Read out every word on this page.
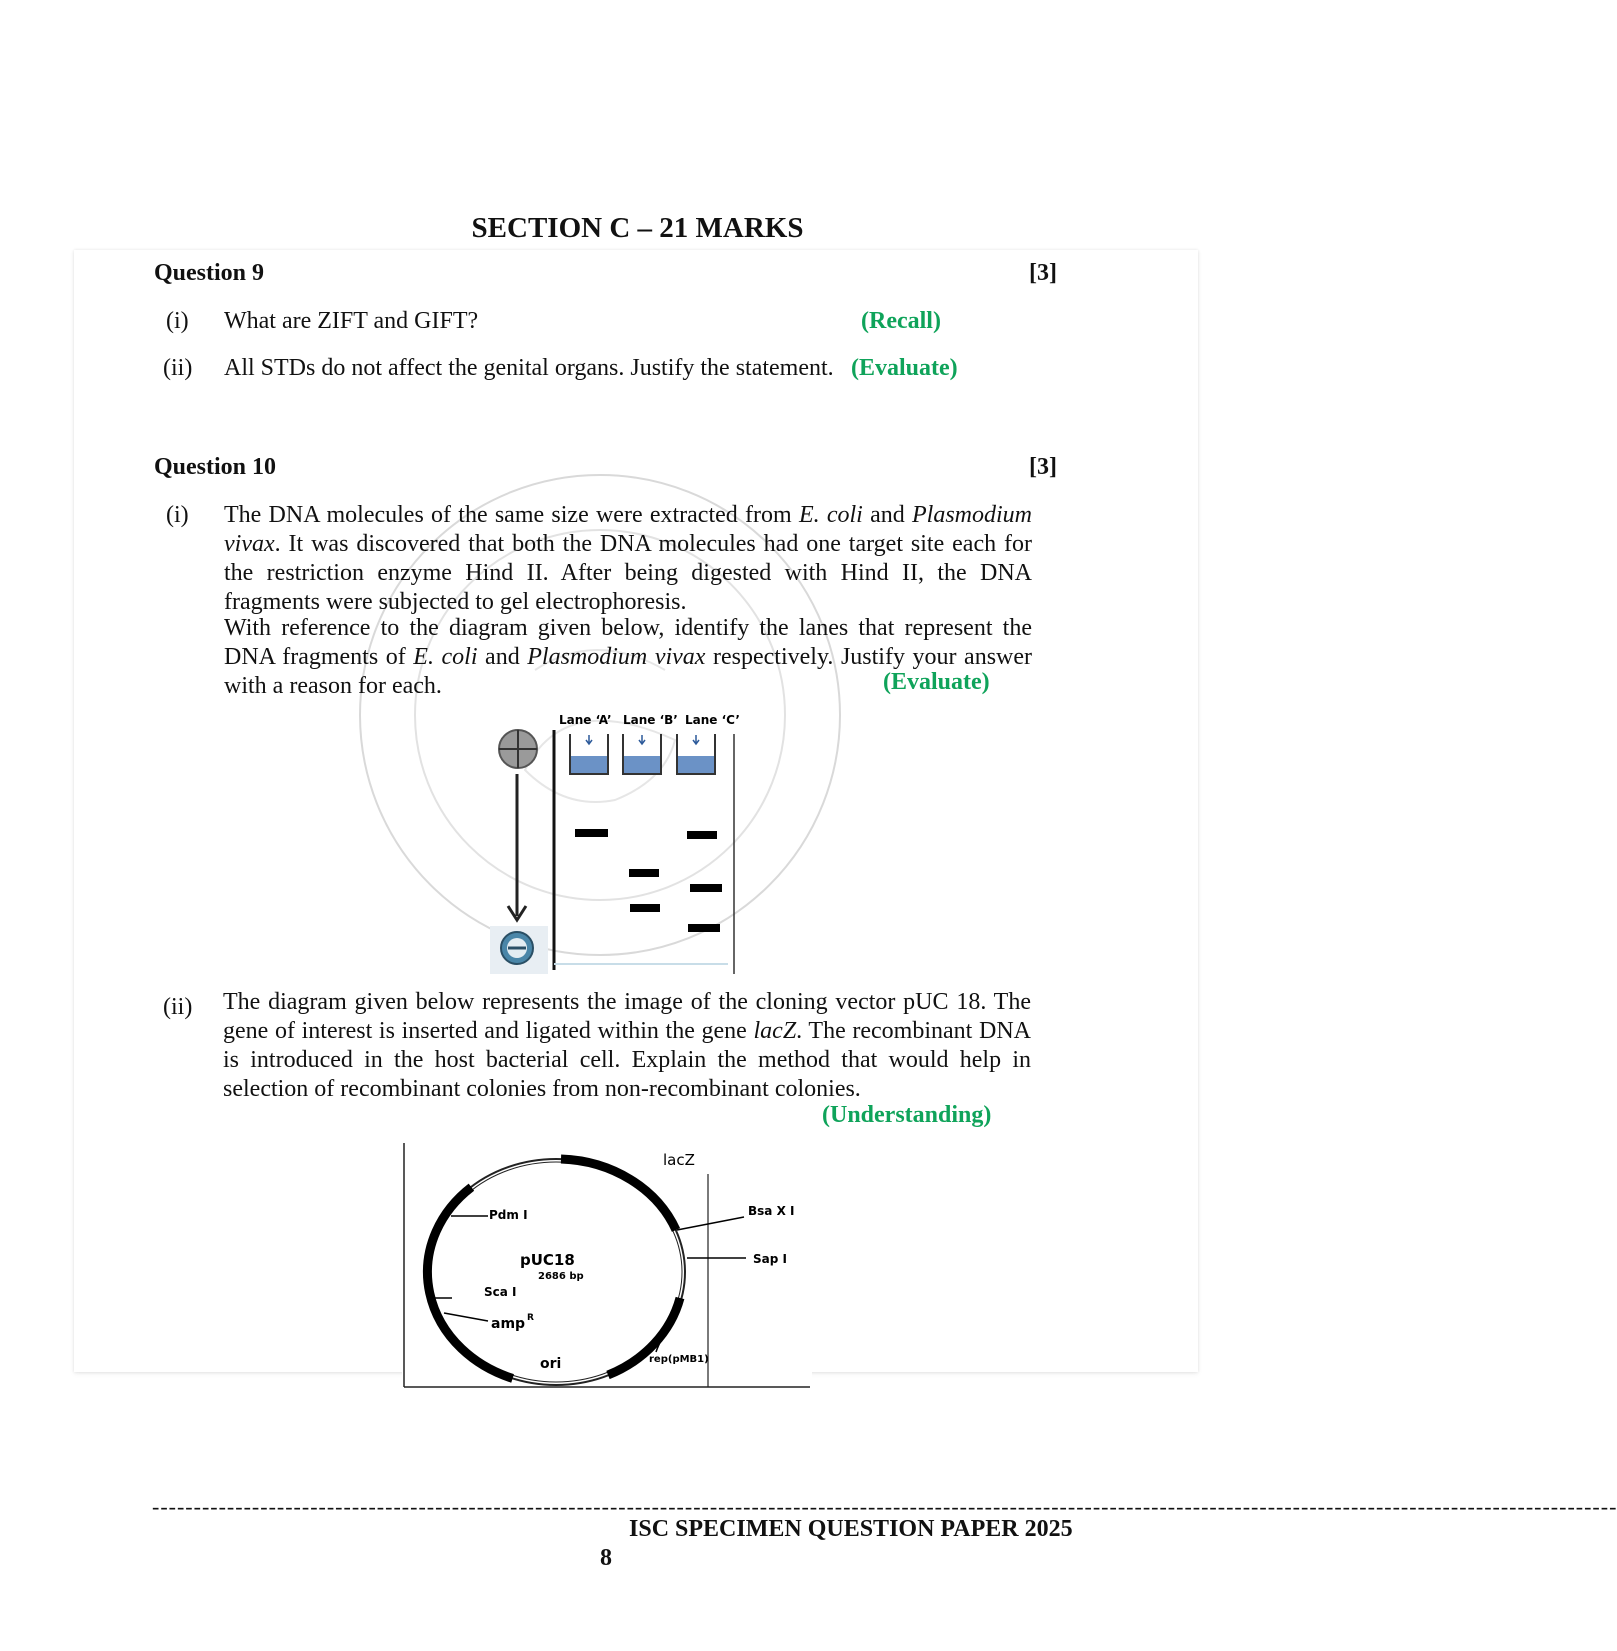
SECTION C – 21 MARKS
Question 9	[3]
(i) What are ZIFT and GIFT?	(Recall)
(ii) All STDs do not affect the genital organs. Justify the statement. (Evaluate)
Question 10	[3]
(i) The DNA molecules of the same size were extracted from E. coli and Plasmodium vivax. It was discovered that both the DNA molecules had one target site each for the restriction enzyme Hind II. After being digested with Hind II, the DNA fragments were subjected to gel electrophoresis.
With reference to the diagram given below, identify the lanes that represent the DNA fragments of E. coli and Plasmodium vivax respectively. Justify your answer with a reason for each.	(Evaluate)
Lane ‘A’ Lane ‘B’ Lane ‘C’
(ii) The diagram given below represents the image of the cloning vector pUC 18. The gene of interest is inserted and ligated within the gene lacZ. The recombinant DNA is introduced in the host bacterial cell. Explain the method that would help in selection of recombinant colonies from non-recombinant colonies.
(Understanding)
lacZ
Bsa X I
Sap I
Pdm I
pUC18
2686 bp
Sca I
amp R
ori	rep(pMB1)
--------------------------------------------------------------------------------------------------------------------------------------------------------------------------------
ISC SPECIMEN QUESTION PAPER 2025
8
